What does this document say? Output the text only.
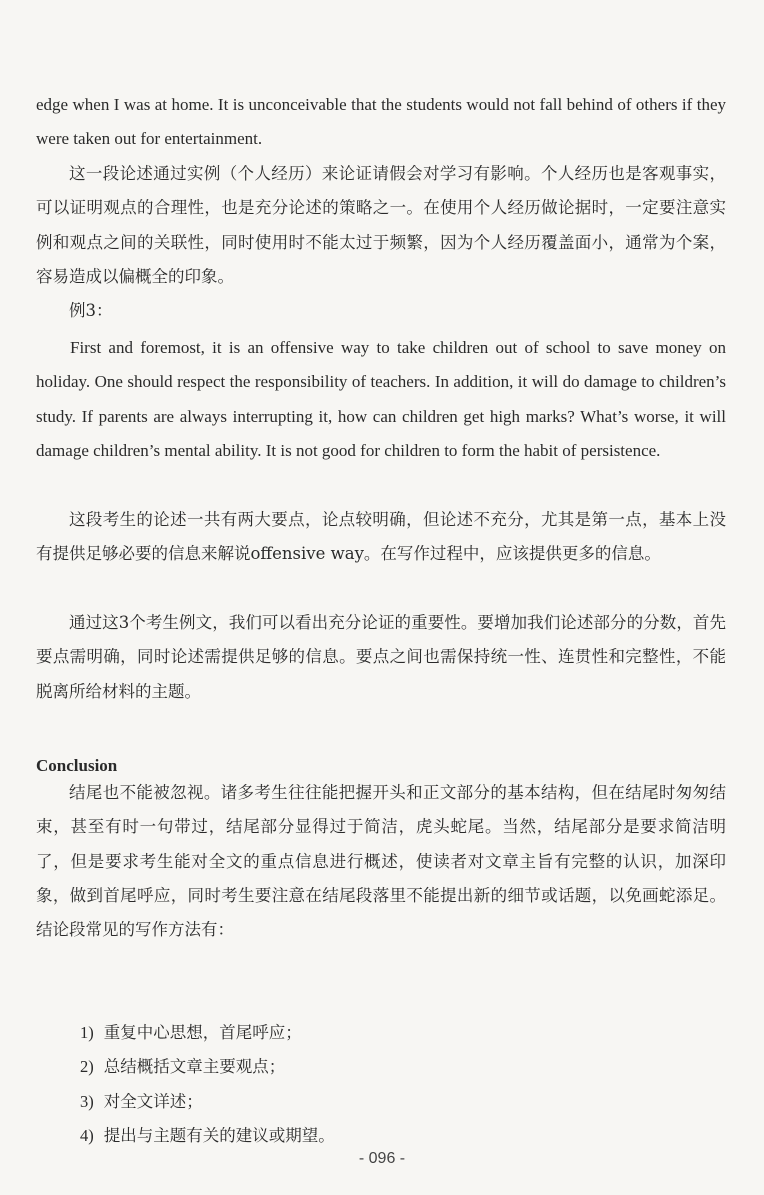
edge when I was at home. It is unconceivable that the students would not fall behind of others if they were taken out for entertainment.

这一段论述通过实例（个人经历）来论证请假会对学习有影响。个人经历也是客观事实，可以证明观点的合理性，也是充分论述的策略之一。在使用个人经历做论据时，一定要注意实例和观点之间的关联性，同时使用时不能太过于频繁，因为个人经历覆盖面小，通常为个案，容易造成以偏概全的印象。

例3：

First and foremost, it is an offensive way to take children out of school to save money on holiday. One should respect the responsibility of teachers. In addition, it will do damage to children’s study. If parents are always interrupting it, how can children get high marks? What’s worse, it will damage children’s mental ability. It is not good for children to form the habit of persistence.

这段考生的论述一共有两大要点，论点较明确，但论述不充分，尤其是第一点，基本上没有提供足够必要的信息来解说offensive way。在写作过程中，应该提供更多的信息。

通过这3个考生例文，我们可以看出充分论证的重要性。要增加我们论述部分的分数，首先要点需明确，同时论述需提供足够的信息。要点之间也需保持统一性、连贯性和完整性，不能脱离所给材料的主题。

Conclusion

结尾也不能被忽视。诸多考生往往能把握开头和正文部分的基本结构，但在结尾时匆匆结束，甚至有时一句带过，结尾部分显得过于简洁，虎头蛇尾。当然，结尾部分是要求简洁明了，但是要求考生能对全文的重点信息进行概述，使读者对文章主旨有完整的认识，加深印象，做到首尾呼应，同时考生要注意在结尾段落里不能提出新的细节或话题，以免画蛇添足。结论段常见的写作方法有：

1) 重复中心思想，首尾呼应；
2) 总结概括文章主要观点；
3) 对全文详述；
4) 提出与主题有关的建议或期望。
- 096 -
